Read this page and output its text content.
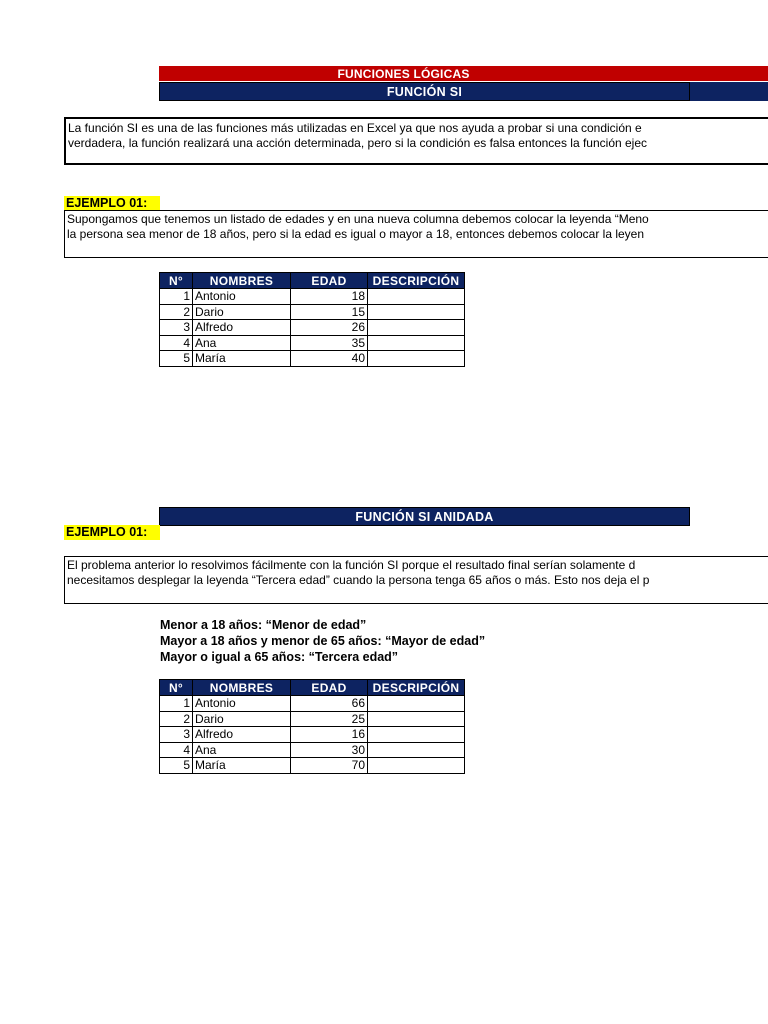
FUNCIONES LÓGICAS
FUNCIÓN SI
La función SI es una de las funciones más utilizadas en Excel ya que nos ayuda a probar si una condición e
verdadera, la función realizará una acción determinada, pero si la condición es falsa entonces la función ejec
EJEMPLO 01:
Supongamos que tenemos un listado de edades y en una nueva columna debemos colocar la leyenda “Meno
la persona sea menor de 18 años, pero si la edad es igual o mayor a 18, entonces debemos colocar la leyen
N°	NOMBRES	EDAD	DESCRIPCIÓN
1	Antonio	18	
2	Dario	15	
3	Alfredo	26	
4	Ana	35	
5	María	40	
FUNCIÓN SI ANIDADA
EJEMPLO 01:
El problema anterior lo resolvimos fácilmente con la función SI porque el resultado final serían solamente d
necesitamos desplegar la leyenda “Tercera edad” cuando la persona tenga 65 años o más. Esto nos deja el p
Menor a 18 años: “Menor de edad”
Mayor a 18 años y menor de 65 años: “Mayor de edad”
Mayor o igual a 65 años: “Tercera edad”
N°	NOMBRES	EDAD	DESCRIPCIÓN
1	Antonio	66	
2	Dario	25	
3	Alfredo	16	
4	Ana	30	
5	María	70	
